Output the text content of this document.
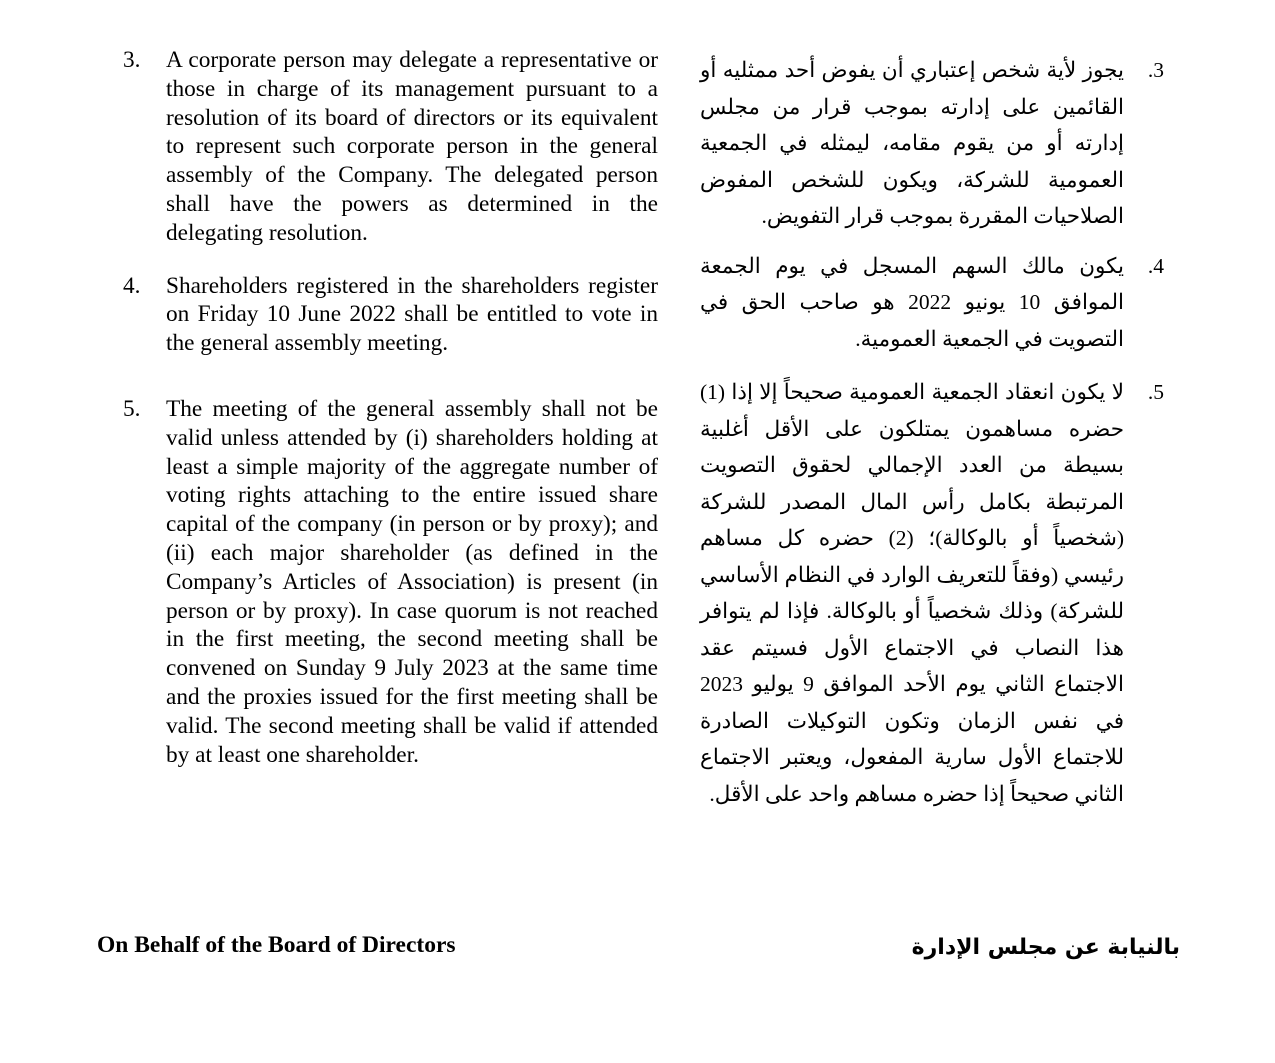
3.	A corporate person may delegate a representative or those in charge of its management pursuant to a resolution of its board of directors or its equivalent to represent such corporate person in the general assembly of the Company. The delegated person shall have the powers as determined in the delegating resolution.
4.	Shareholders registered in the shareholders register on Friday 10 June 2022 shall be entitled to vote in the general assembly meeting.
5.	The meeting of the general assembly shall not be valid unless attended by (i) shareholders holding at least a simple majority of the aggregate number of voting rights attaching to the entire issued share capital of the company (in person or by proxy); and (ii) each major shareholder (as defined in the Company’s Articles of Association) is present (in person or by proxy). In case quorum is not reached in the first meeting, the second meeting shall be convened on Sunday 9 July 2023 at the same time and the proxies issued for the first meeting shall be valid. The second meeting shall be valid if attended by at least one shareholder.
.3
يجوز لأية شخص إعتباري أن يفوض أحد ممثليه أو القائمين على إدارته بموجب قرار من مجلس إدارته أو من يقوم مقامه، ليمثله في الجمعية العمومية للشركة، ويكون للشخص المفوض الصلاحيات المقررة بموجب قرار التفويض.
.4
يكون مالك السهم المسجل في يوم الجمعة الموافق 10 يونيو 2022 هو صاحب الحق في التصويت في الجمعية العمومية.
.5
لا يكون انعقاد الجمعية العمومية صحيحاً إلا إذا (1) حضره مساهمون يمتلكون على الأقل أغلبية بسيطة من العدد الإجمالي لحقوق التصويت المرتبطة بكامل رأس المال المصدر للشركة (شخصياً أو بالوكالة)؛ (2) حضره كل مساهم رئيسي (وفقاً للتعريف الوارد في النظام الأساسي للشركة) وذلك شخصياً أو بالوكالة. فإذا لم يتوافر هذا النصاب في الاجتماع الأول فسيتم عقد الاجتماع الثاني يوم الأحد الموافق 9 يوليو 2023 في نفس الزمان وتكون التوكيلات الصادرة للاجتماع الأول سارية المفعول، ويعتبر الاجتماع الثاني صحيحاً إذا حضره مساهم واحد على الأقل.
On Behalf of the Board of Directors	بالنيابة عن مجلس الإدارة
